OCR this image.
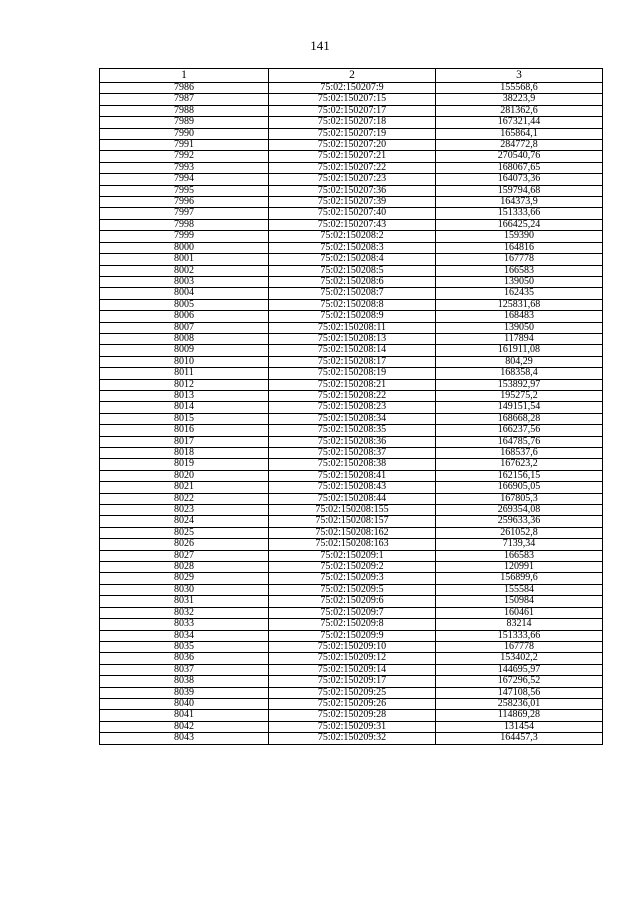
141
1	2	3
7986	75:02:150207:9	155568,6
7987	75:02:150207:15	38223,9
7988	75:02:150207:17	281362,6
7989	75:02:150207:18	167321,44
7990	75:02:150207:19	165864,1
7991	75:02:150207:20	284772,8
7992	75:02:150207:21	270540,76
7993	75:02:150207:22	168067,65
7994	75:02:150207:23	164073,36
7995	75:02:150207:36	159794,68
7996	75:02:150207:39	164373,9
7997	75:02:150207:40	151333,66
7998	75:02:150207:43	166425,24
7999	75:02:150208:2	159390
8000	75:02:150208:3	164816
8001	75:02:150208:4	167778
8002	75:02:150208:5	166583
8003	75:02:150208:6	139050
8004	75:02:150208:7	162435
8005	75:02:150208:8	125831,68
8006	75:02:150208:9	168483
8007	75:02:150208:11	139050
8008	75:02:150208:13	117894
8009	75:02:150208:14	161911,08
8010	75:02:150208:17	804,29
8011	75:02:150208:19	168358,4
8012	75:02:150208:21	153892,97
8013	75:02:150208:22	195275,2
8014	75:02:150208:23	149151,54
8015	75:02:150208:34	168668,28
8016	75:02:150208:35	166237,56
8017	75:02:150208:36	164785,76
8018	75:02:150208:37	168537,6
8019	75:02:150208:38	167623,2
8020	75:02:150208:41	162156,15
8021	75:02:150208:43	166905,05
8022	75:02:150208:44	167805,3
8023	75:02:150208:155	269354,08
8024	75:02:150208:157	259633,36
8025	75:02:150208:162	261052,8
8026	75:02:150208:163	7139,34
8027	75:02:150209:1	166583
8028	75:02:150209:2	120991
8029	75:02:150209:3	156899,6
8030	75:02:150209:5	155584
8031	75:02:150209:6	150984
8032	75:02:150209:7	160461
8033	75:02:150209:8	83214
8034	75:02:150209:9	151333,66
8035	75:02:150209:10	167778
8036	75:02:150209:12	153402,2
8037	75:02:150209:14	144695,97
8038	75:02:150209:17	167296,52
8039	75:02:150209:25	147108,56
8040	75:02:150209:26	258236,01
8041	75:02:150209:28	114869,28
8042	75:02:150209:31	131454
8043	75:02:150209:32	164457,3
